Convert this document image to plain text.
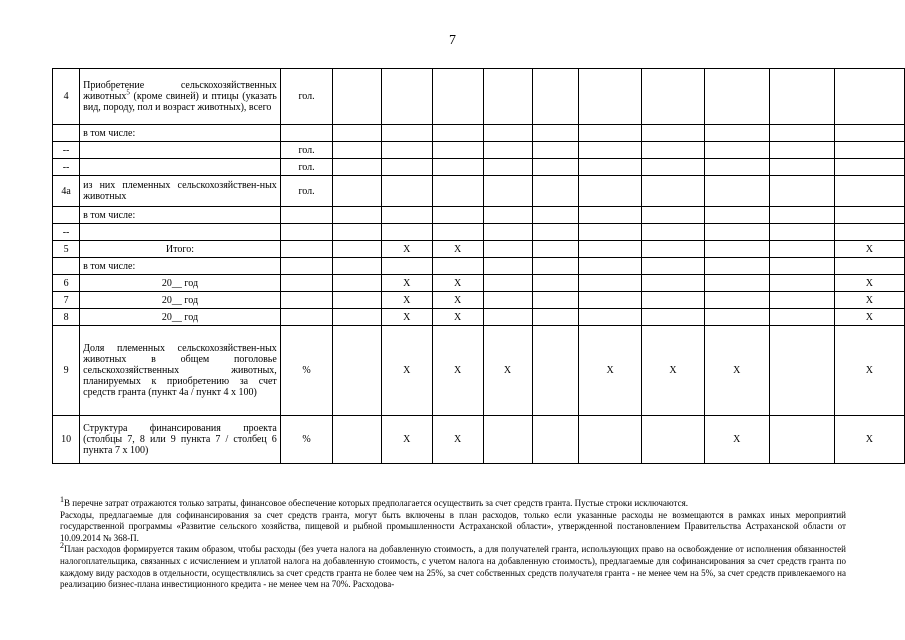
7
4	Приобретение сельскохозяйственных животных$^5$ (кроме свиней) и птицы (указать вид, породу, пол и возраст животных), всего	гол.										
	в том числе:											
--		гол.										
--		гол.										
4а	из них племенных сельскохозяйствен-ных животных	гол.										
	в том числе:											
--												
5	Итого:			X	X							X
	в том числе:											
6	20__ год			X	X							X
7	20__ год			X	X							X
8	20__ год			X	X							X
9	Доля племенных сельскохозяйствен-ных животных в общем поголовье сельскохозяйственных животных, планируемых к приобретению за счет средств гранта (пункт 4а / пункт 4 х 100)	%		X	X	X		X	X	X		X
10	Структура финансирования проекта (столбцы 7, 8 или 9 пункта 7 / столбец 6 пункта 7 х 100)	%		X	X					X		X

1В перечне затрат отражаются только затраты, финансовое обеспечение которых предполагается осуществить за счет средств гранта. Пустые строки исключаются.

Расходы, предлагаемые для софинансирования за счет средств гранта, могут быть включены в план расходов, только если указанные расходы не возмещаются в рамках иных мероприятий государственной программы «Развитие сельского хозяйства, пищевой и рыбной промышленности Астраханской области», утвержденной постановлением Правительства Астраханской области от 10.09.2014 № 368-П.

2План расходов формируется таким образом, чтобы расходы (без учета налога на добавленную стоимость, а для получателей гранта, использующих право на освобождение от исполнения обязанностей налогоплательщика, связанных с исчислением и уплатой налога на добавленную стоимость, с учетом налога на добавленную стоимость), предлагаемые для софинансирования за счет средств гранта по каждому виду расходов в отдельности, осуществлялись за счет средств гранта не более чем на 25%, за счет собственных средств получателя гранта - не менее чем на 5%, за счет средств привлекаемого на реализацию бизнес-плана инвестиционного кредита - не менее чем на 70%. Расходова-
